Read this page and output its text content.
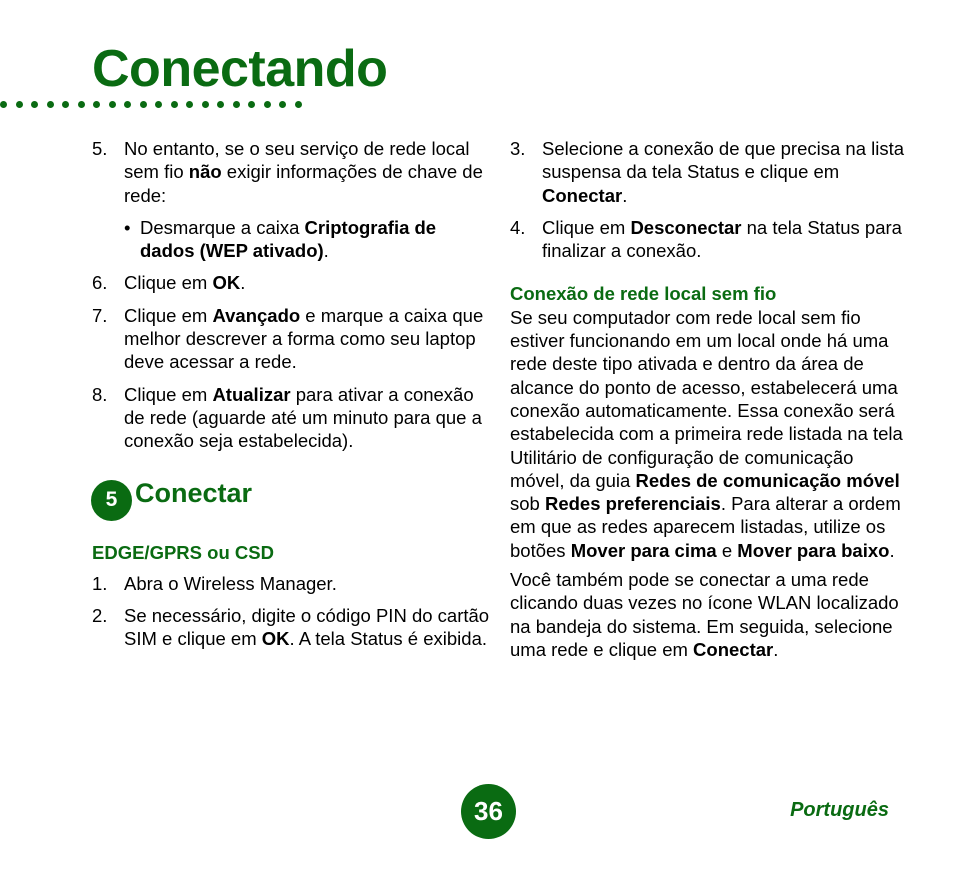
Conectando
5. No entanto, se o seu serviço de rede local sem fio não exigir informações de chave de rede:
• Desmarque a caixa Criptografia de dados (WEP ativado).
6. Clique em OK.
7. Clique em Avançado e marque a caixa que melhor descrever a forma como seu laptop deve acessar a rede.
8. Clique em Atualizar para ativar a conexão de rede (aguarde até um minuto para que a conexão seja estabelecida).
5 Conectar
EDGE/GPRS ou CSD
1. Abra o Wireless Manager.
2. Se necessário, digite o código PIN do cartão SIM e clique em OK. A tela Status é exibida.
3. Selecione a conexão de que precisa na lista suspensa da tela Status e clique em Conectar.
4. Clique em Desconectar na tela Status para finalizar a conexão.
Conexão de rede local sem fio
Se seu computador com rede local sem fio estiver funcionando em um local onde há uma rede deste tipo ativada e dentro da área de alcance do ponto de acesso, estabelecerá uma conexão automaticamente. Essa conexão será estabelecida com a primeira rede listada na tela Utilitário de configuração de comunicação móvel, da guia Redes de comunicação móvel sob Redes preferenciais. Para alterar a ordem em que as redes aparecem listadas, utilize os botões Mover para cima e Mover para baixo.
Você também pode se conectar a uma rede clicando duas vezes no ícone WLAN localizado na bandeja do sistema. Em seguida, selecione uma rede e clique em Conectar.
36	Português
